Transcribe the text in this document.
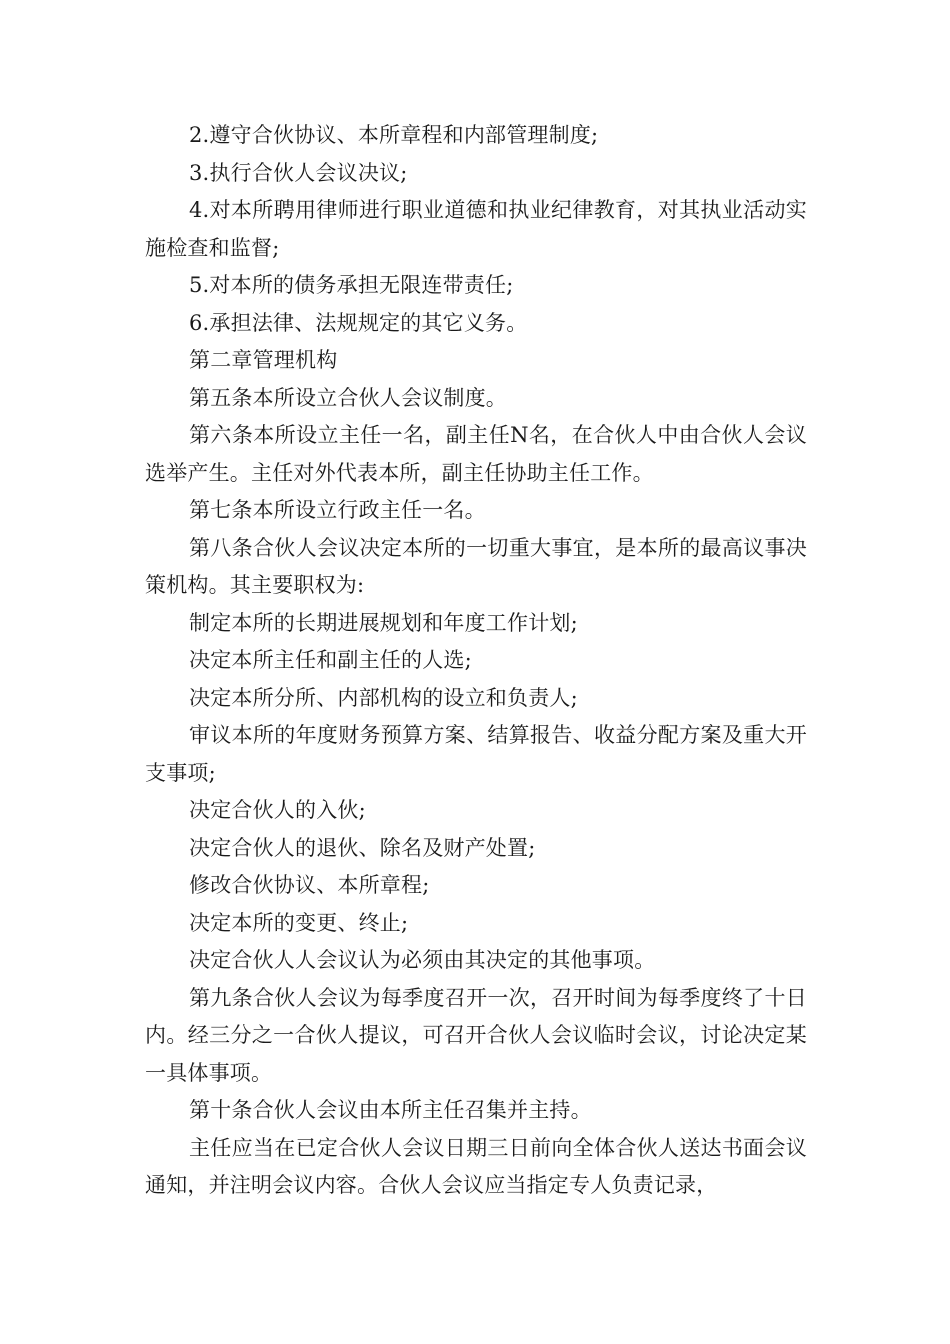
2.遵守合伙协议、本所章程和内部管理制度;

3.执行合伙人会议决议;

4.对本所聘用律师进行职业道德和执业纪律教育，对其执业活动实施检查和监督;

5.对本所的债务承担无限连带责任;

6.承担法律、法规规定的其它义务。

第二章管理机构

第五条本所设立合伙人会议制度。

第六条本所设立主任一名，副主任N名，在合伙人中由合伙人会议选举产生。主任对外代表本所，副主任协助主任工作。

第七条本所设立行政主任一名。

第八条合伙人会议决定本所的一切重大事宜，是本所的最高议事决策机构。其主要职权为:

制定本所的长期进展规划和年度工作计划;

决定本所主任和副主任的人选;

决定本所分所、内部机构的设立和负责人;

审议本所的年度财务预算方案、结算报告、收益分配方案及重大开支事项;

决定合伙人的入伙;

决定合伙人的退伙、除名及财产处置;

修改合伙协议、本所章程;

决定本所的变更、终止;

决定合伙人人会议认为必须由其决定的其他事项。

第九条合伙人会议为每季度召开一次，召开时间为每季度终了十日内。经三分之一合伙人提议，可召开合伙人会议临时会议，讨论决定某一具体事项。

第十条合伙人会议由本所主任召集并主持。

主任应当在已定合伙人会议日期三日前向全体合伙人送达书面会议通知，并注明会议内容。合伙人会议应当指定专人负责记录，
